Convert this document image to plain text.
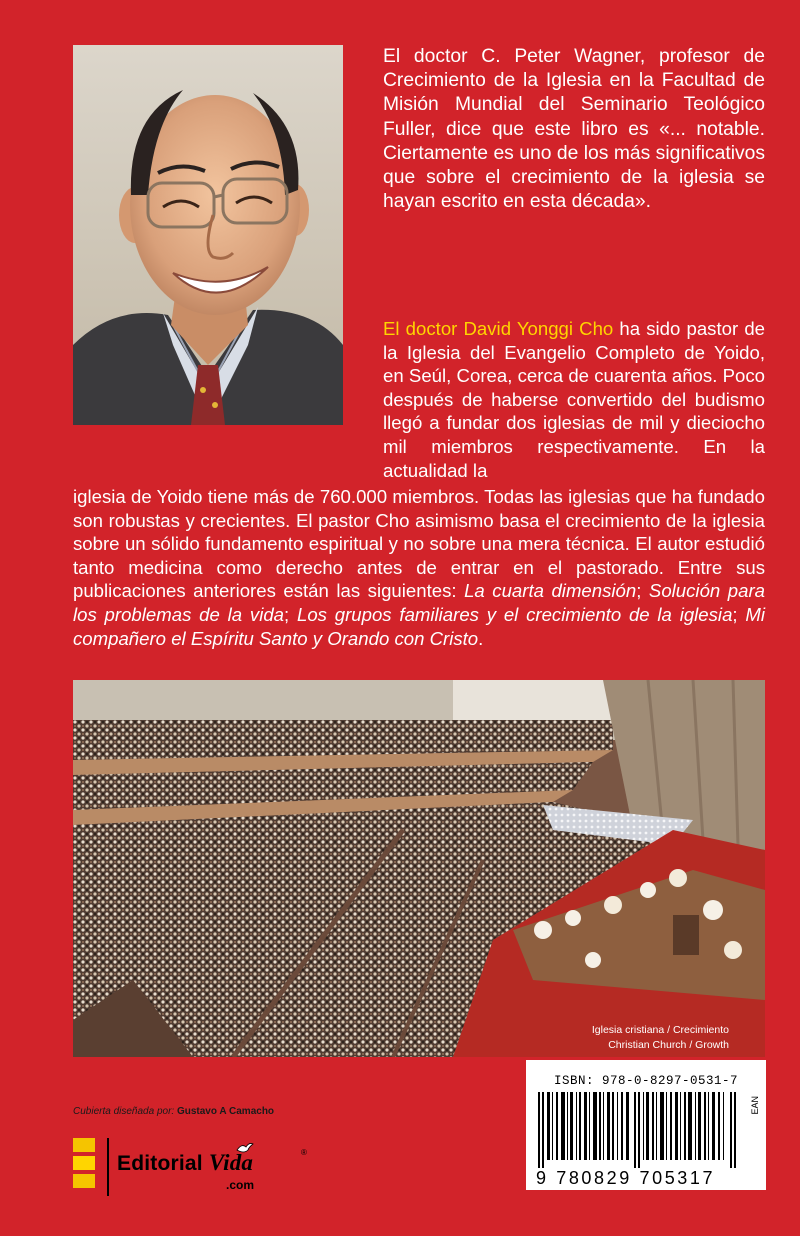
El doctor C. Peter Wagner, profesor de Crecimiento de la Iglesia en la Facultad de Misión Mundial del Seminario Teológico Fuller, dice que este libro es «... notable. Ciertamente es uno de los más significativos que sobre el crecimiento de la iglesia se hayan escrito en esta década».

El doctor David Yonggi Cho ha sido pastor de la Iglesia del Evangelio Completo de Yoido, en Seúl, Corea, cerca de cuarenta años. Poco después de haberse convertido del budismo llegó a fundar dos iglesias de mil y dieciocho mil miembros respectivamente. En la actualidad la

iglesia de Yoido tiene más de 760.000 miembros. Todas las iglesias que ha fundado son robustas y crecientes. El pastor Cho asimismo basa el crecimiento de la iglesia sobre un sólido fundamento espiritual y no sobre una mera técnica. El autor estudió tanto medicina como derecho antes de entrar en el pastorado. Entre sus publicaciones anteriores están las siguientes: La cuarta dimensión; Solución para los problemas de la vida; Los grupos familiares y el crecimiento de la iglesia; Mi compañero el Espíritu Santo y Orando con Cristo.

Iglesia cristiana / Crecimiento
Christian Church / Growth
ISBN: 978-0-8297-0531-7
EAN
9 780829 705317
Cubierta diseñada por: Gustavo A Camacho
Editorial Vida	®
.com
